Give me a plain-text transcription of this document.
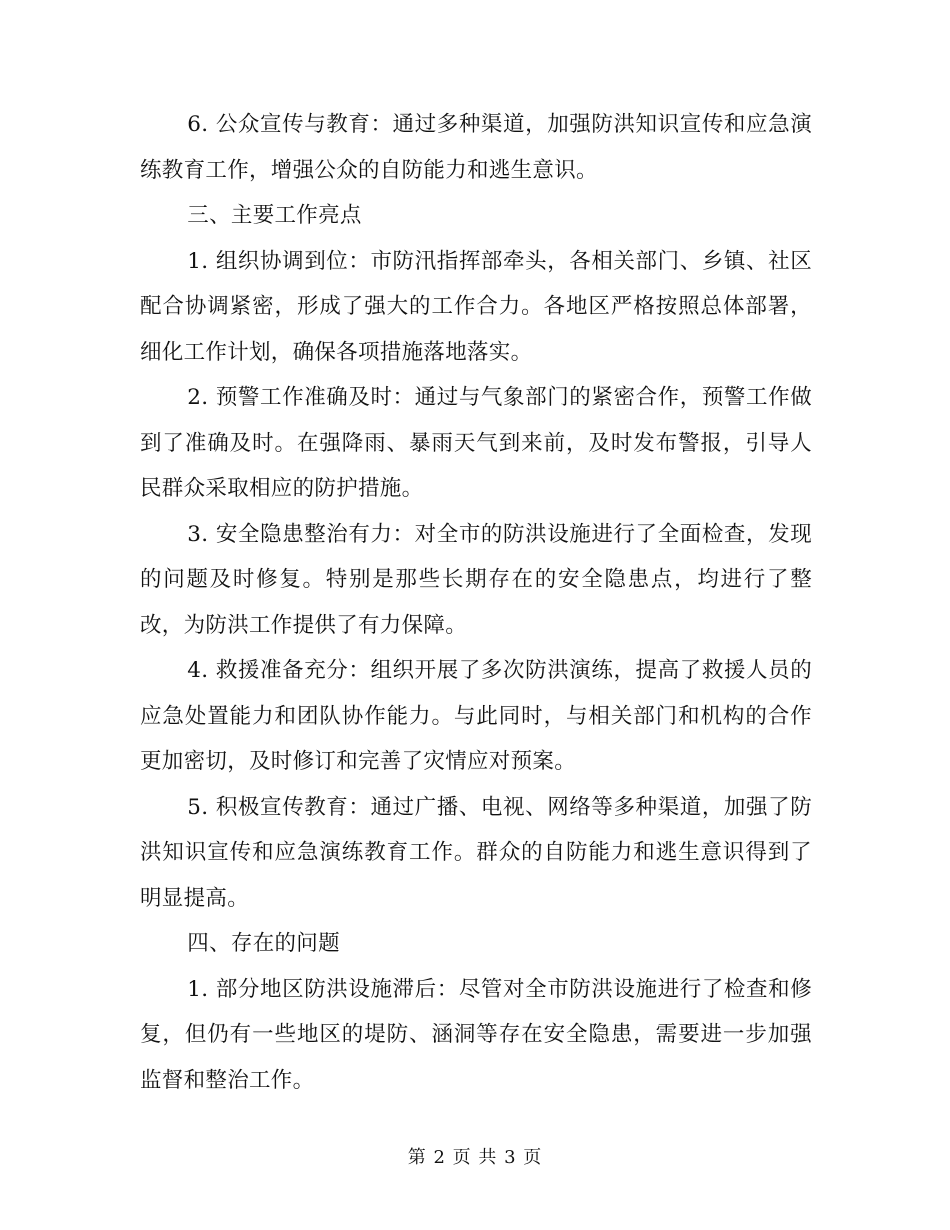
6. 公众宣传与教育：通过多种渠道，加强防洪知识宣传和应急演练教育工作，增强公众的自防能力和逃生意识。

三、主要工作亮点

1. 组织协调到位：市防汛指挥部牵头，各相关部门、乡镇、社区配合协调紧密，形成了强大的工作合力。各地区严格按照总体部署，细化工作计划，确保各项措施落地落实。

2. 预警工作准确及时：通过与气象部门的紧密合作，预警工作做到了准确及时。在强降雨、暴雨天气到来前，及时发布警报，引导人民群众采取相应的防护措施。

3. 安全隐患整治有力：对全市的防洪设施进行了全面检查，发现的问题及时修复。特别是那些长期存在的安全隐患点，均进行了整改，为防洪工作提供了有力保障。

4. 救援准备充分：组织开展了多次防洪演练，提高了救援人员的应急处置能力和团队协作能力。与此同时，与相关部门和机构的合作更加密切，及时修订和完善了灾情应对预案。

5. 积极宣传教育：通过广播、电视、网络等多种渠道，加强了防洪知识宣传和应急演练教育工作。群众的自防能力和逃生意识得到了明显提高。

四、存在的问题

1. 部分地区防洪设施滞后：尽管对全市防洪设施进行了检查和修复，但仍有一些地区的堤防、涵洞等存在安全隐患，需要进一步加强监督和整治工作。

第 2 页 共 3 页
